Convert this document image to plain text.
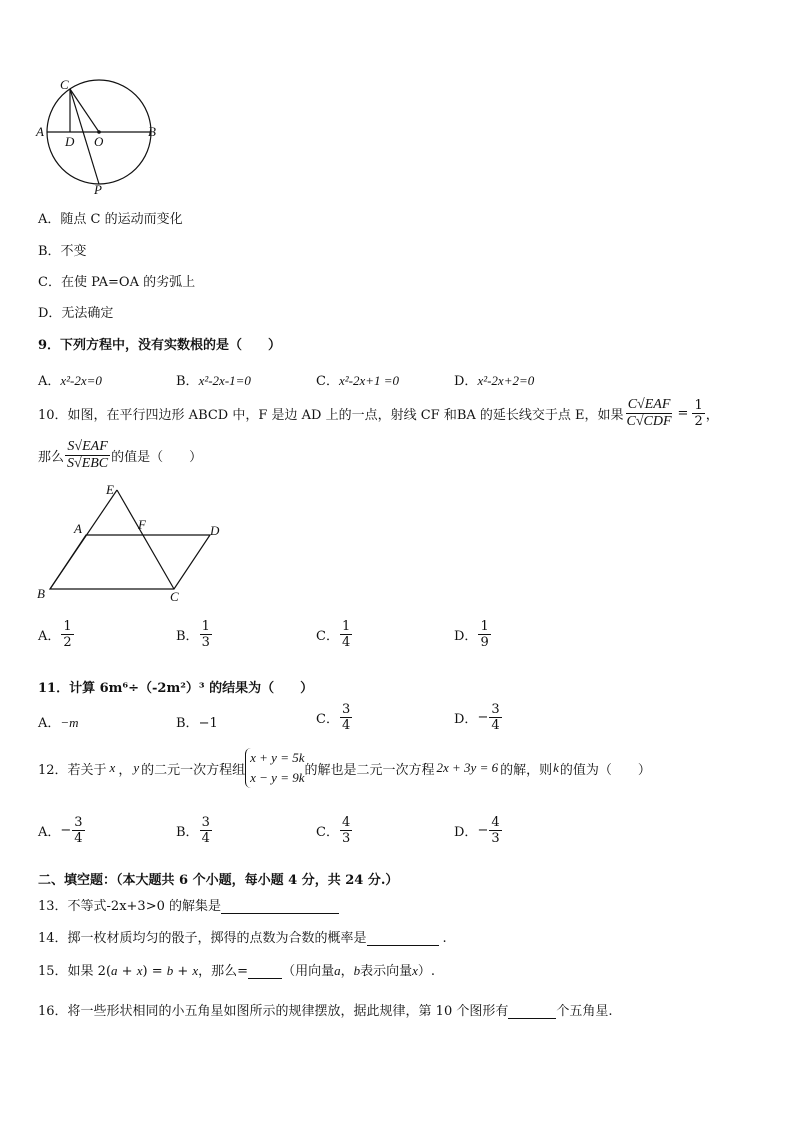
C
A
D O
B
P
A．随点 C 的运动而变化
B．不变
C．在使 PA=OA 的劣弧上
D．无法确定
9．下列方程中，没有实数根的是（　　）
A．x²-2x=0	B．x²-2x-1=0	C．x²-2x+1 =0	D．x²-2x+2=0
10．如图，在平行四边形 ABCD 中，F 是边 AD 上的一点，射线 CF 和BA 的延长线交于点 E，如果 $\frac{\text{C√EAF}}{\text{C√CDF}} = \frac{1}{2}$ ，
那么 $\frac{\text{S√EAF}}{\text{S√EBC}}$ 的值是（　　）
E
A	F	D
B	C
A． $\frac{1}{2}$	B． $\frac{1}{3}$	C． $\frac{1}{4}$	D． $\frac{1}{9}$
11．计算 6m⁶÷（-2m²）³ 的结果为（　　）
A．−m	B．−1	C． $\frac{3}{4}$	D． − $\frac{3}{4}$
12．若关于 x ， y 的二元一次方程组
x + y = 5k
x − y = 9k 的解也是二元一次方程 2x + 3y = 6 的解，则 k 的值为（　　）
A． − $\frac{3}{4}$	B． $\frac{3}{4}$	C． $\frac{4}{3}$	D． − $\frac{4}{3}$
二、填空题：（本大题共 6 个小题，每小题 4 分，共 24 分.）
13．不等式-2x+3>0 的解集是
14．掷一枚材质均匀的骰子，掷得的点数为合数的概率是	.
15．如果 2(a + x) = b + x，那么=	（用向量a，b表示向量x）.
16．将一些形状相同的小五角星如图所示的规律摆放，据此规律，第 10 个图形有	个五角星.
